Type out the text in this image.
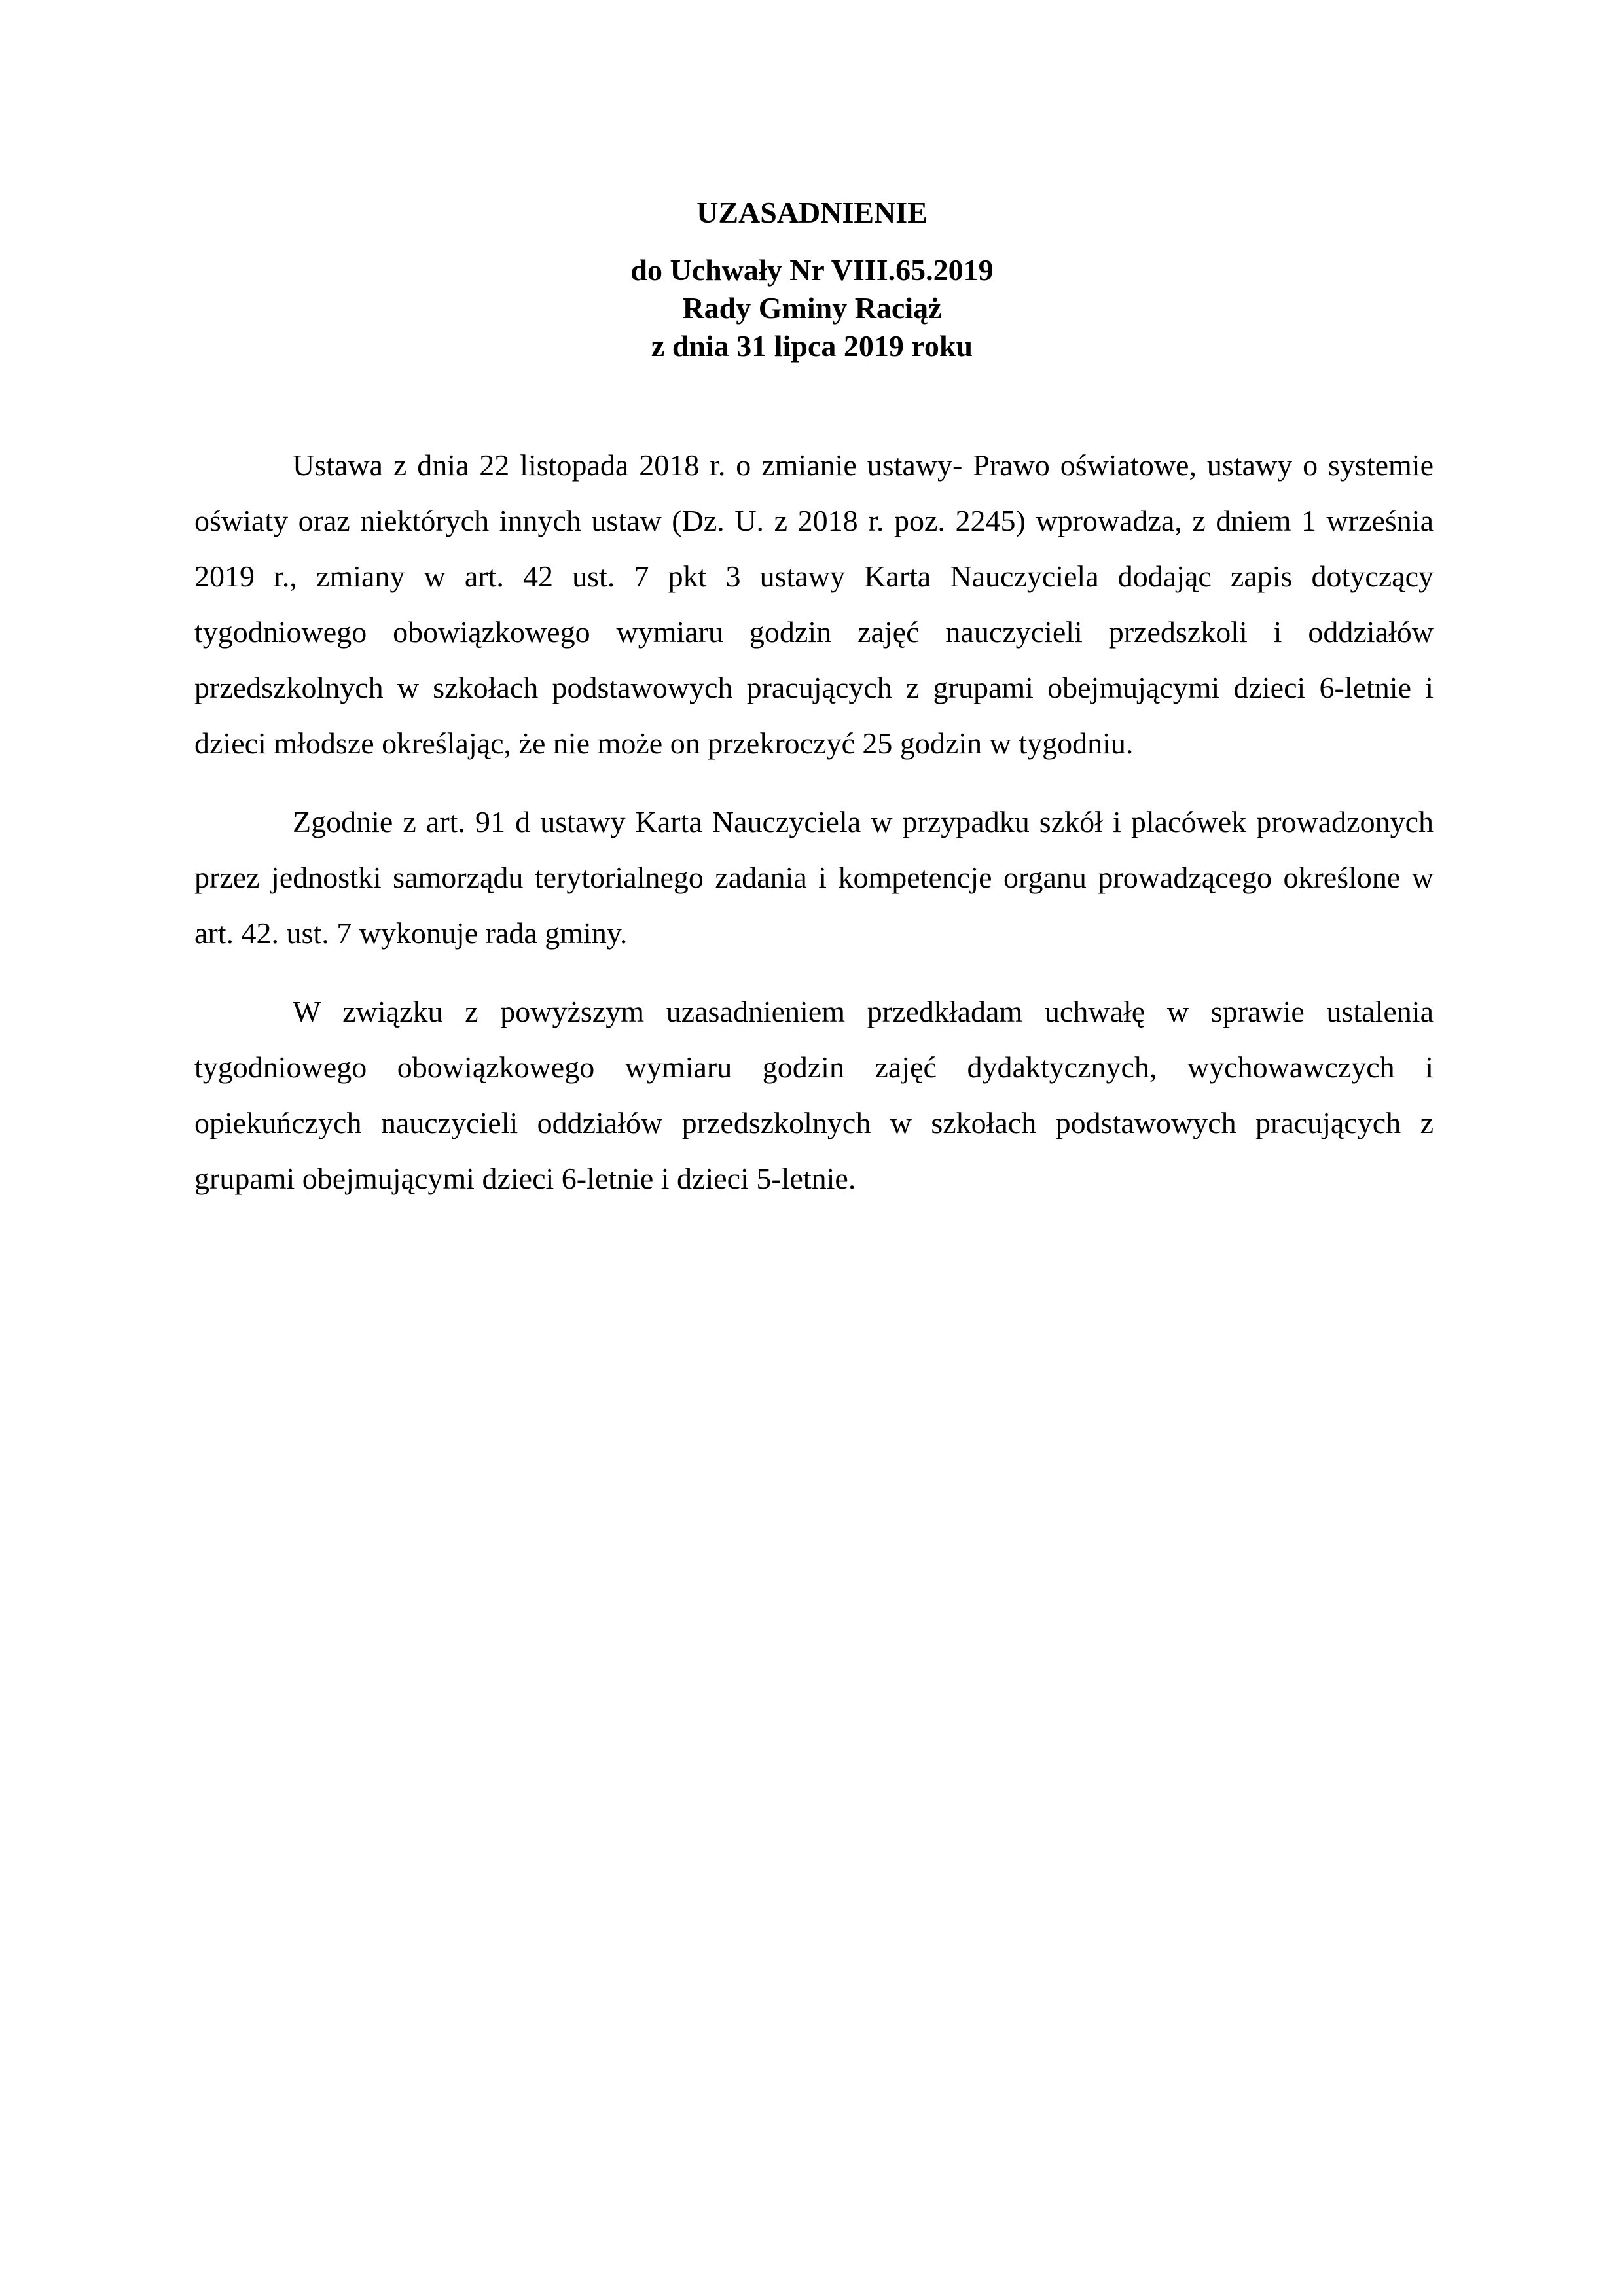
UZASADNIENIE
do Uchwały Nr VIII.65.2019
Rady Gminy Raciąż
z dnia 31 lipca 2019 roku

Ustawa z dnia 22 listopada 2018 r. o zmianie ustawy- Prawo oświatowe, ustawy o systemie oświaty oraz niektórych innych ustaw (Dz. U. z 2018 r. poz. 2245) wprowadza, z dniem 1 września 2019 r., zmiany w art. 42 ust. 7 pkt 3 ustawy Karta Nauczyciela dodając zapis dotyczący tygodniowego obowiązkowego wymiaru godzin zajęć nauczycieli przedszkoli i oddziałów przedszkolnych w szkołach podstawowych pracujących z grupami obejmującymi dzieci 6-letnie i dzieci młodsze określając, że nie może on przekroczyć 25 godzin w tygodniu.

Zgodnie z art. 91 d ustawy Karta Nauczyciela w przypadku szkół i placówek prowadzonych przez jednostki samorządu terytorialnego zadania i kompetencje organu prowadzącego określone w art. 42. ust. 7 wykonuje rada gminy.

W związku z powyższym uzasadnieniem przedkładam uchwałę w sprawie ustalenia tygodniowego obowiązkowego wymiaru godzin zajęć dydaktycznych, wychowawczych i opiekuńczych nauczycieli oddziałów przedszkolnych w szkołach podstawowych pracujących z grupami obejmującymi dzieci 6-letnie i dzieci 5-letnie.
